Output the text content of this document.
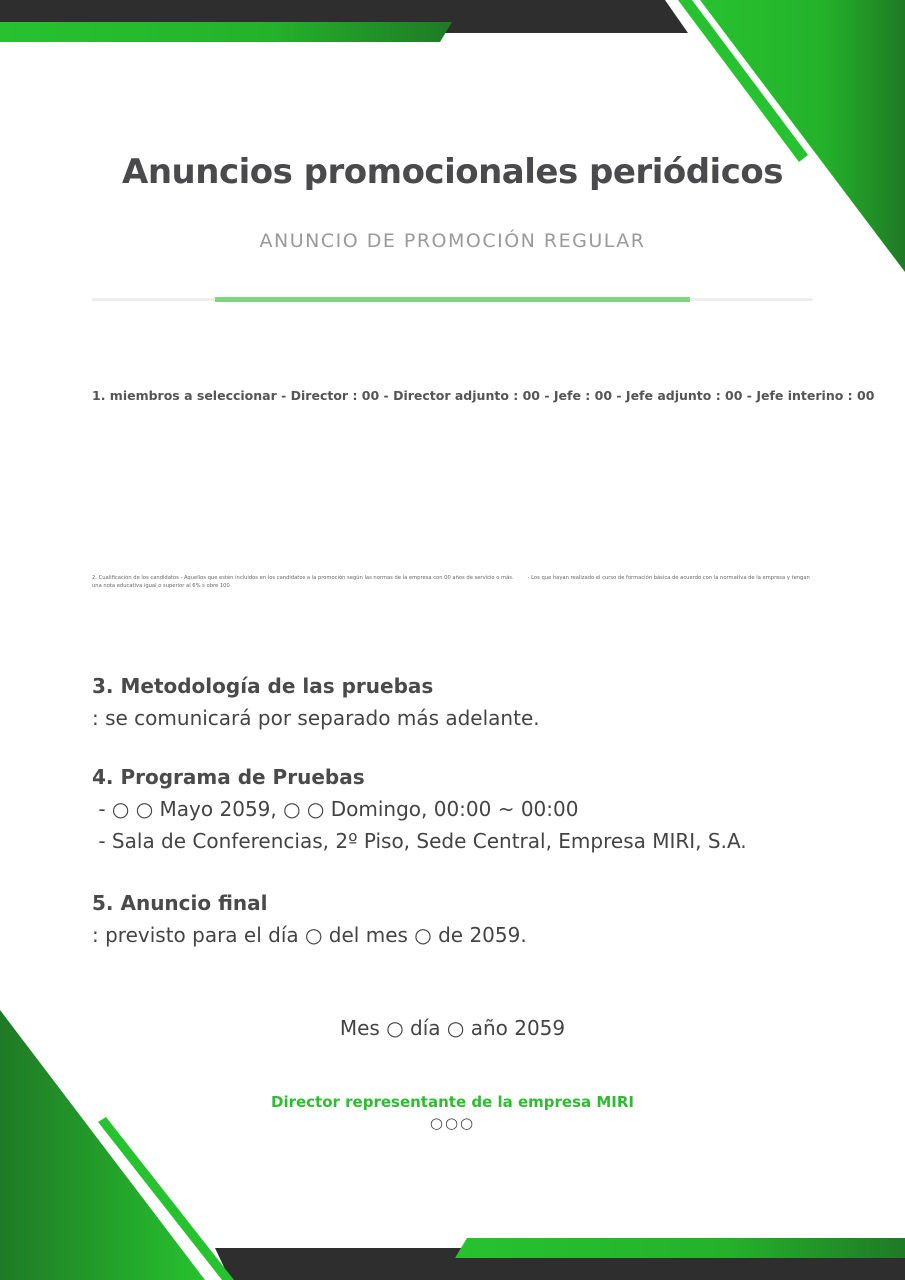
Anuncios promocionales periódicos
ANUNCIO DE PROMOCIÓN REGULAR
1. miembros a seleccionar - Director : 00 - Director adjunto : 00 - Jefe : 00 - Jefe adjunto : 00 - Jefe interino : 00
2. Cualificación de los candidatos - Aquellos que estén incluidos en los candidatos a la promoción según las normas de la empresa con 00 años de servicio o más.	- Los que hayan realizado el curso de formación básica de acuerdo con la normativa de la empresa y tengan una nota educativa igual o superior al 6% s obre 100
3. Metodología de las pruebas

: se comunicará por separado más adelante.

4. Programa de Pruebas

- ○ ○ Mayo 2059, ○ ○ Domingo, 00:00 ~ 00:00

- Sala de Conferencias, 2º Piso, Sede Central, Empresa MIRI, S.A.

5. Anuncio final

: previsto para el día ○ del mes ○ de 2059.

Mes ○ día ○ año 2059
Director representante de la empresa MIRI
○○○
